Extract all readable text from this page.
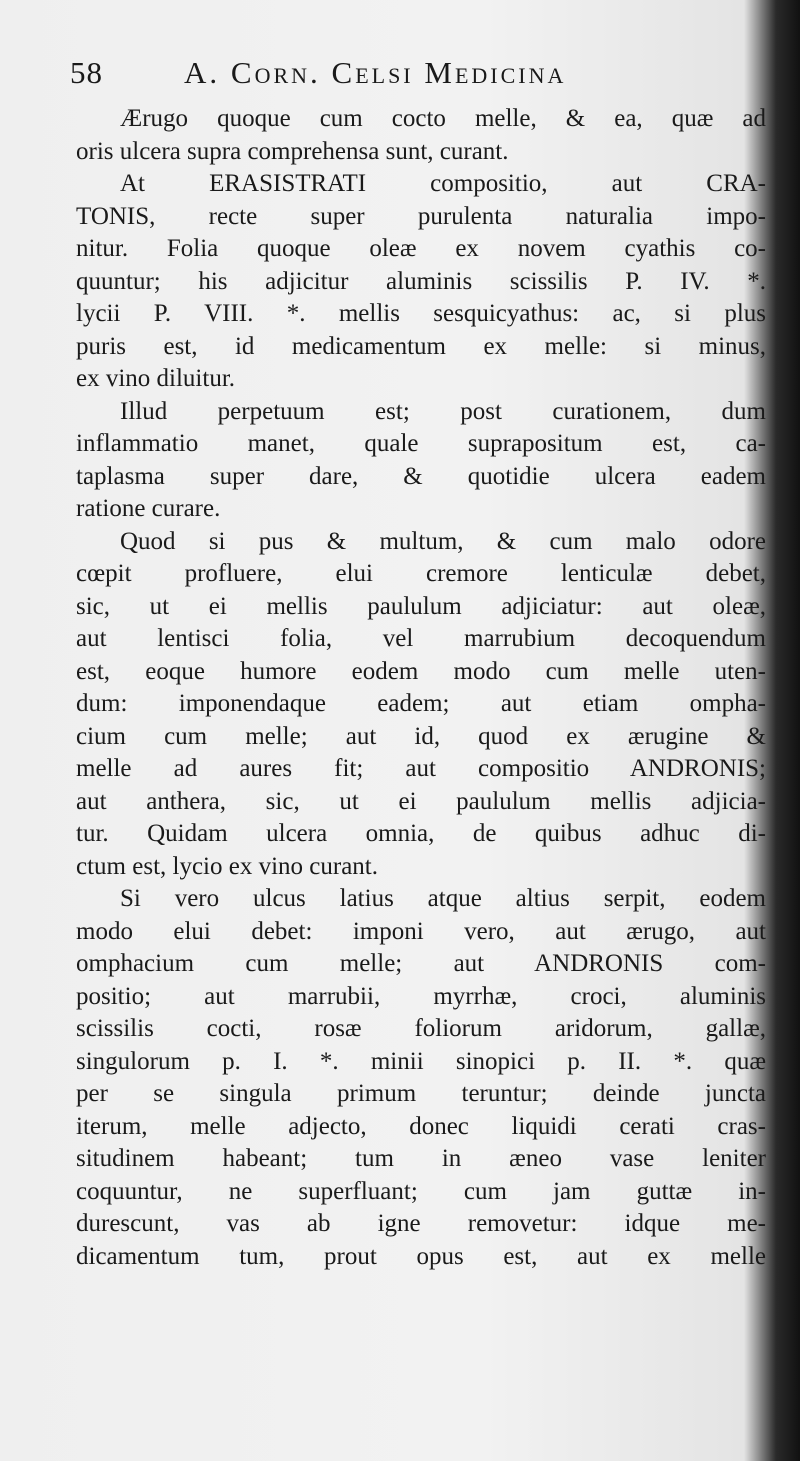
58	A. Corn. Celsi Medicina
Ærugo quoque cum cocto melle, & ea, quæ ad
oris ulcera supra comprehensa sunt, curant.
At ERASISTRATI compositio, aut CRA-
TONIS, recte super purulenta naturalia impo-
nitur. Folia quoque oleæ ex novem cyathis co-
quuntur; his adjicitur aluminis scissilis P. IV. *.
lycii P. VIII. *. mellis sesquicyathus: ac, si plus
puris est, id medicamentum ex melle: si minus,
ex vino diluitur.
Illud perpetuum est; post curationem, dum
inflammatio manet, quale suprapositum est, ca-
taplasma super dare, & quotidie ulcera eadem
ratione curare.
Quod si pus & multum, & cum malo odore
cœpit profluere, elui cremore lenticulæ debet,
sic, ut ei mellis paululum adjiciatur: aut oleæ,
aut lentisci folia, vel marrubium decoquendum
est, eoque humore eodem modo cum melle uten-
dum: imponendaque eadem; aut etiam ompha-
cium cum melle; aut id, quod ex ærugine &
melle ad aures fit; aut compositio ANDRONIS;
aut anthera, sic, ut ei paululum mellis adjicia-
tur. Quidam ulcera omnia, de quibus adhuc di-
ctum est, lycio ex vino curant.
Si vero ulcus latius atque altius serpit, eodem
modo elui debet: imponi vero, aut ærugo, aut
omphacium cum melle; aut ANDRONIS com-
positio; aut marrubii, myrrhæ, croci, aluminis
scissilis cocti, rosæ foliorum aridorum, gallæ,
singulorum p. I. *. minii sinopici p. II. *. quæ
per se singula primum teruntur; deinde juncta
iterum, melle adjecto, donec liquidi cerati cras-
situdinem habeant; tum in æneo vase leniter
coquuntur, ne superfluant; cum jam guttæ in-
durescunt, vas ab igne removetur: idque me-
dicamentum tum, prout opus est, aut ex melle
